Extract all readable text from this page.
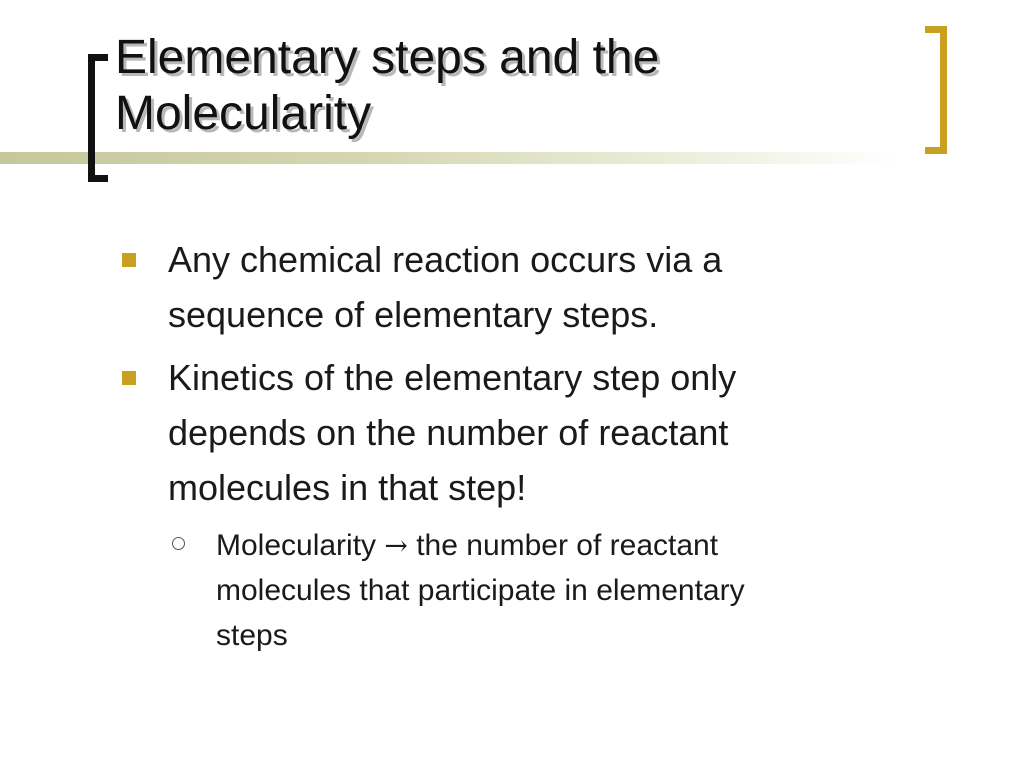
Elementary steps and the
Molecularity
Any chemical reaction occurs via a
sequence of elementary steps.
Kinetics of the elementary step only
depends on the number of reactant
molecules in that step!
Molecularity → the number of reactant
molecules that participate in elementary
steps
